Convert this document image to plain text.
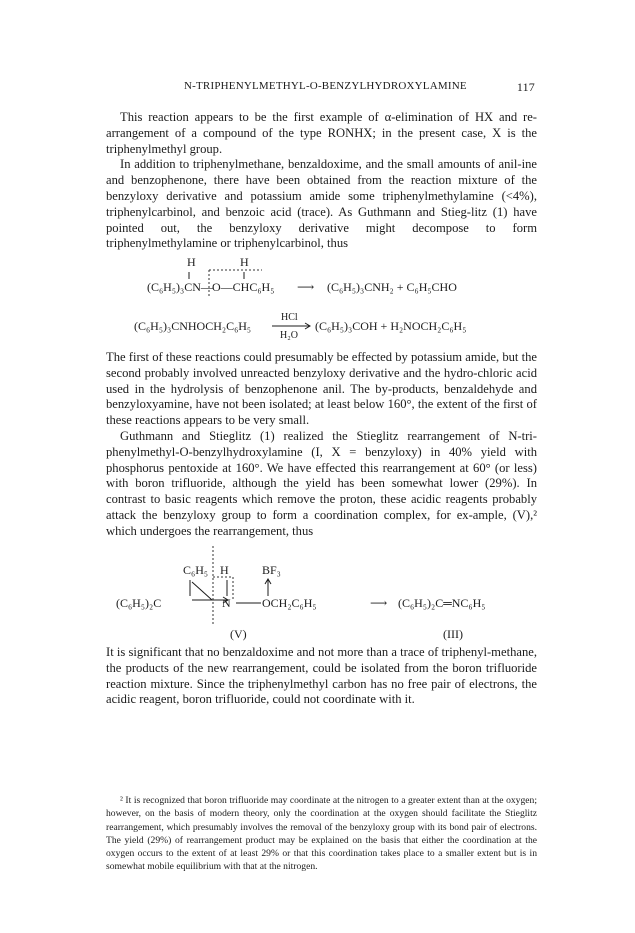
N-TRIPHENYLMETHYL-O-BENZYLHYDROXYLAMINE	117

This reaction appears to be the first example of α-elimination of HX and re-arrangement of a compound of the type RONHX; in the present case, X is the triphenylmethyl group.

In addition to triphenylmethane, benzaldoxime, and the small amounts of anil-ine and benzophenone, there have been obtained from the reaction mixture of the benzyloxy derivative and potassium amide some triphenylmethylamine (<4%), triphenylcarbinol, and benzoic acid (trace). As Guthmann and Stieg-litz (1) have pointed out, the benzyloxy derivative might decompose to form triphenylmethylamine or triphenylcarbinol, thus

H	H
(C₆H₅)₃CN— O—CHC₆H₅ ⟶ (C₆H₅)₃CNH₂ + C₆H₅CHO
(C₆H₅)₃CNHOCH₂C₆H₅
HCl
H₂O
(C₆H₅)₃COH + H₂NOCH₂C₆H₅

The first of these reactions could presumably be effected by potassium amide, but the second probably involved unreacted benzyloxy derivative and the hydro-chloric acid used in the hydrolysis of benzophenone anil. The by-products, benzaldehyde and benzyloxyamine, have not been isolated; at least below 160°, the extent of the first of these reactions appears to be very small.

Guthmann and Stieglitz (1) realized the Stieglitz rearrangement of N-tri-phenylmethyl-O-benzylhydroxylamine (I, X = benzyloxy) in 40% yield with phosphorus pentoxide at 160°. We have effected this rearrangement at 60° (or less) with boron trifluoride, although the yield has been somewhat lower (29%). In contrast to basic reagents which remove the proton, these acidic reagents probably attack the benzyloxy group to form a coordination complex, for ex-ample, (V),² which undergoes the rearrangement, thus

C₆H₅ H	BF₃
(C₆H₅)₂C	N	OCH₂C₆H₅	⟶ (C₆H₅)₂C═NC₆H₅
(V)	(III)

It is significant that no benzaldoxime and not more than a trace of triphenyl-methane, the products of the new rearrangement, could be isolated from the boron trifluoride reaction mixture. Since the triphenylmethyl carbon has no free pair of electrons, the acidic reagent, boron trifluoride, could not coordinate with it.

² It is recognized that boron trifluoride may coordinate at the nitrogen to a greater extent than at the oxygen; however, on the basis of modern theory, only the coordination at the oxygen should facilitate the Stieglitz rearrangement, which presumably involves the removal of the benzyloxy group with its bond pair of electrons. The yield (29%) of rearrangement product may be explained on the basis that either the coordination at the oxygen occurs to the extent of at least 29% or that this coordination takes place to a smaller extent but is in somewhat mobile equilibrium with that at the nitrogen.
